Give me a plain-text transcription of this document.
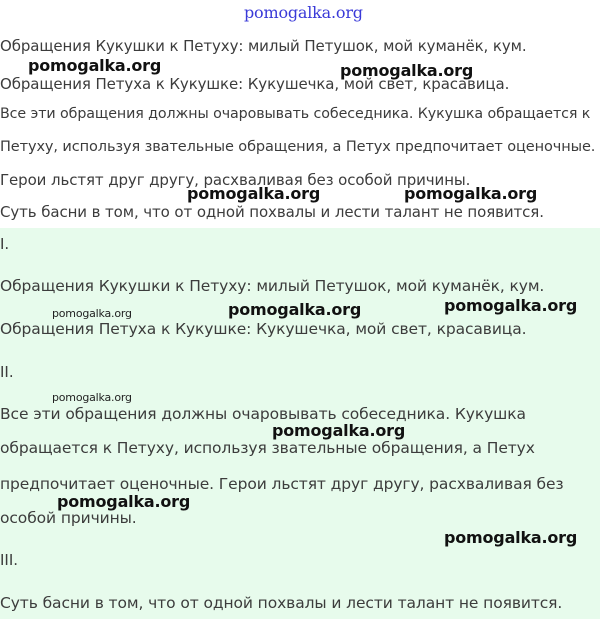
pomogalka.org
Обращения Кукушки к Петуху: милый Петушок, мой куманёк, кум.
Обращения Петуха к Кукушке: Кукушечка, мой свет, красавица.
Все эти обращения должны очаровывать собеседника. Кукушка обращается к
Петуху, используя звательные обращения, а Петух предпочитает оценочные.
Герои льстят друг другу, расхваливая без особой причины.
Суть басни в том, что от одной похвалы и лести талант не появится.
I.
Обращения Кукушки к Петуху: милый Петушок, мой куманёк, кум.
Обращения Петуха к Кукушке: Кукушечка, мой свет, красавица.
II.
Все эти обращения должны очаровывать собеседника. Кукушка
обращается к Петуху, используя звательные обращения, а Петух
предпочитает оценочные. Герои льстят друг другу, расхваливая без
особой причины.
III.
Суть басни в том, что от одной похвалы и лести талант не появится.
pomogalka.org	pomogalka.org
pomogalka.org	pomogalka.org
pomogalka.org	pomogalka.org
pomogalka.org
pomogalka.org
pomogalka.org
pomogalka.org
pomogalka.org
